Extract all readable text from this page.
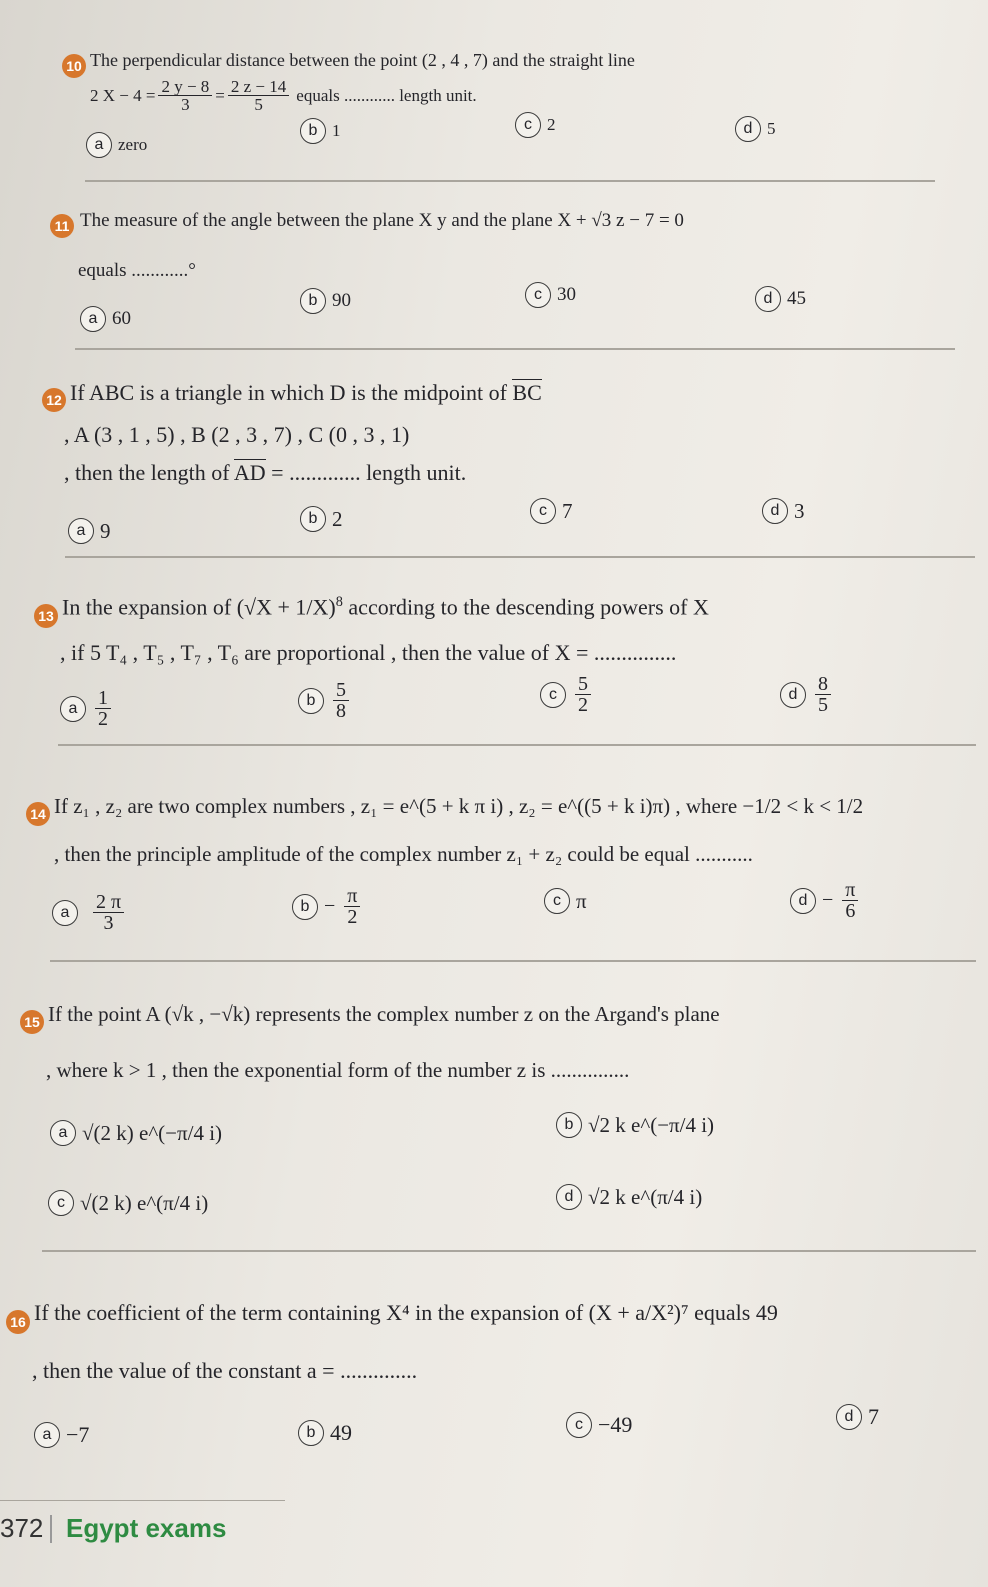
10 The perpendicular distance between the point (2 , 4 , 7) and the straight line
2 $X - 4 = \frac{2 y - 8}{3} = \frac{2 z - 14}{5}$ equals ............ length unit.
a zero
b 1	c 2	d 5
11 The measure of the angle between the plane X y and the plane X + √3 z − 7 = 0
equals ............°
a 60
b 90	c 30	d 45
12 If ABC is a triangle in which D is the midpoint of BC
, A (3 , 1 , 5) , B (2 , 3 , 7) , C (0 , 3 , 1)
, then the length of AD = ............. length unit.
a 9	b 2	c 7	d 3
13 In the expansion of $(√X + 1/X)^8$ according to the descending powers of X
, if 5 T₄ , T₅ , T₇ , T₆ are proportional , then the value of X = ...............
a $\frac{1}{2}$	b $\frac{5}{8}$	c $\frac{5}{2}$	d $\frac{8}{5}$
14 If z₁ , z₂ are two complex numbers , z₁ = e^(5 + k π i) , z₂ = e^((5 + k i)π) , where −1/2 < k < 1/2
, then the principle amplitude of the complex number z₁ + z₂ could be equal ...........
a	$\frac{2 \pi}{3}$	$b - \frac{\pi}{2}$	c π	$d - \frac{\pi}{6}$
15 If the point A (√k , −√k) represents the complex number z on the Argand's plane
, where k > 1 , then the exponential form of the number z is ...............
a √(2 k) e^(−π/4 i)	b √2 k e^(−π/4 i)
c √(2 k) e^(π/4 i)	d √2 k e^(π/4 i)
16 If the coefficient of the term containing X⁴ in the expansion of (X + a/X²)⁷ equals 49
, then the value of the constant a = ..............
a −7	b 49	c −49	d 7
372 Egypt exams
